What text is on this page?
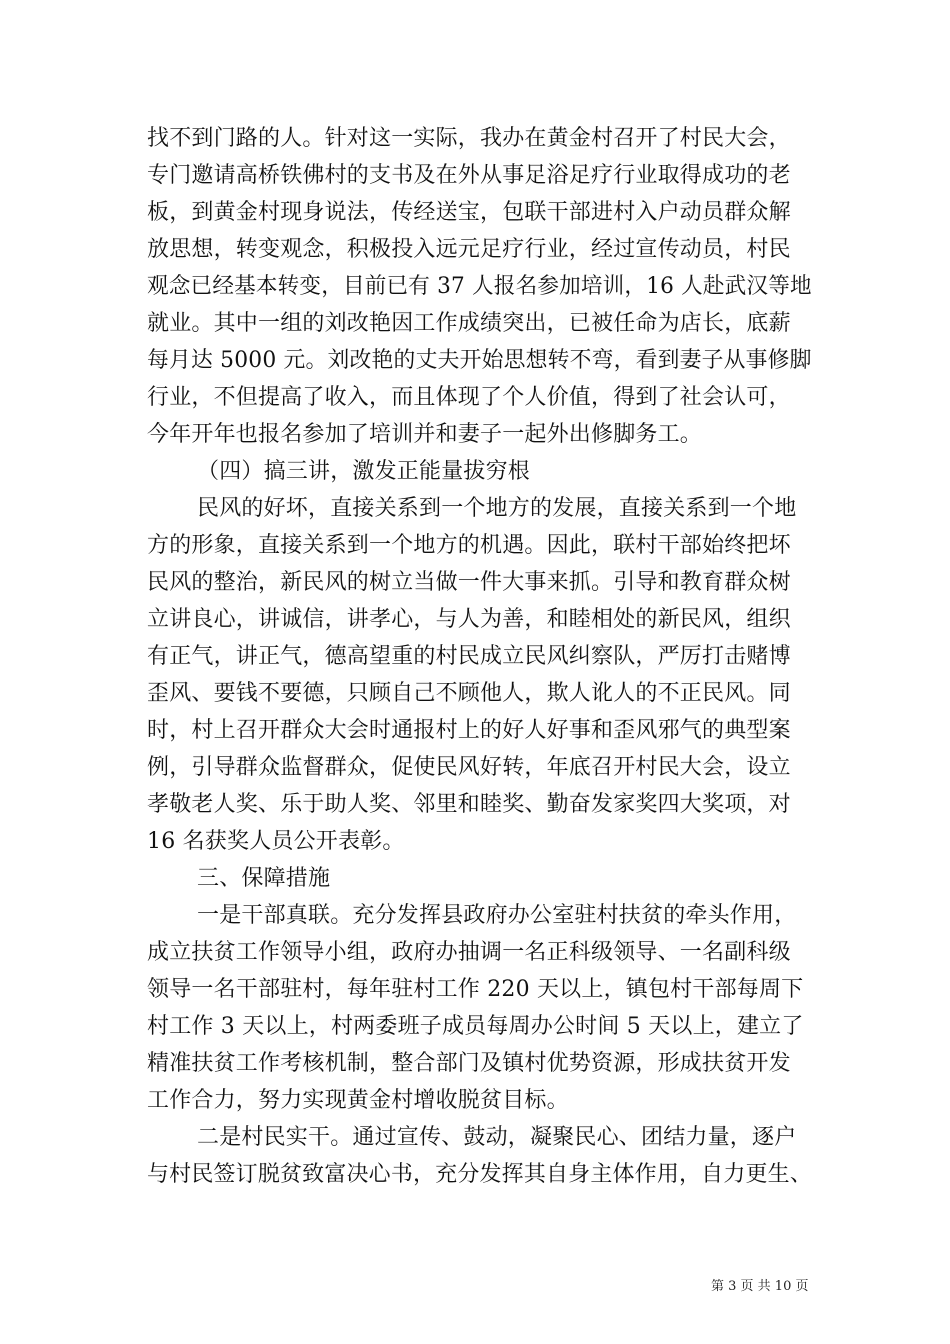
找不到门路的人。针对这一实际，我办在黄金村召开了村民大会，
专门邀请高桥铁佛村的支书及在外从事足浴足疗行业取得成功的老
板，到黄金村现身说法，传经送宝，包联干部进村入户动员群众解
放思想，转变观念，积极投入远元足疗行业，经过宣传动员，村民
观念已经基本转变，目前已有 37 人报名参加培训，16 人赴武汉等地
就业。其中一组的刘改艳因工作成绩突出，已被任命为店长，底薪
每月达 5000 元。刘改艳的丈夫开始思想转不弯，看到妻子从事修脚
行业，不但提高了收入，而且体现了个人价值，得到了社会认可，
今年开年也报名参加了培训并和妻子一起外出修脚务工。
（四）搞三讲，激发正能量拔穷根
民风的好坏，直接关系到一个地方的发展，直接关系到一个地
方的形象，直接关系到一个地方的机遇。因此，联村干部始终把坏
民风的整治，新民风的树立当做一件大事来抓。引导和教育群众树
立讲良心，讲诚信，讲孝心，与人为善，和睦相处的新民风，组织
有正气，讲正气，德高望重的村民成立民风纠察队，严厉打击赌博
歪风、要钱不要德，只顾自己不顾他人，欺人讹人的不正民风。同
时，村上召开群众大会时通报村上的好人好事和歪风邪气的典型案
例，引导群众监督群众，促使民风好转，年底召开村民大会，设立
孝敬老人奖、乐于助人奖、邻里和睦奖、勤奋发家奖四大奖项，对
16 名获奖人员公开表彰。
三、保障措施
一是干部真联。充分发挥县政府办公室驻村扶贫的牵头作用，
成立扶贫工作领导小组，政府办抽调一名正科级领导、一名副科级
领导一名干部驻村，每年驻村工作 220 天以上，镇包村干部每周下
村工作 3 天以上，村两委班子成员每周办公时间 5 天以上，建立了
精准扶贫工作考核机制，整合部门及镇村优势资源，形成扶贫开发
工作合力，努力实现黄金村增收脱贫目标。
二是村民实干。通过宣传、鼓动，凝聚民心、团结力量，逐户
与村民签订脱贫致富决心书，充分发挥其自身主体作用，自力更生、
第 3 页 共 10 页
